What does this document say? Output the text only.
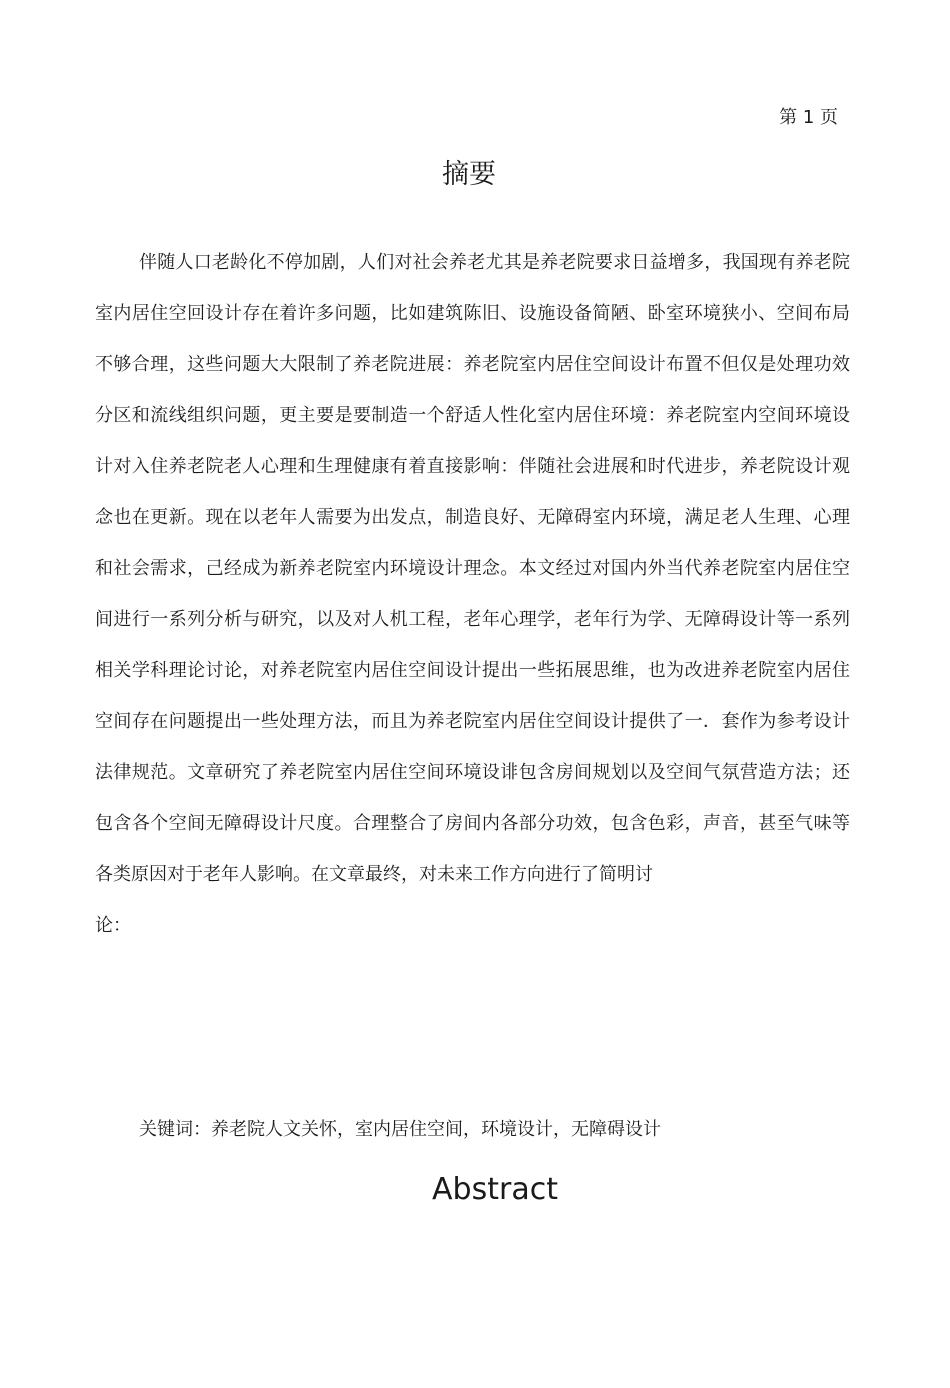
第 1 页
摘要
伴随人口老龄化不停加剧，人们对社会养老尤其是养老院要求日益增多，我国现有养老院
室内居住空回设计存在着许多问题，比如建筑陈旧、设施设备简陋、卧室环境狭小、空间布局
不够合理，这些问题大大限制了养老院进展：养老院室内居住空间设计布置不但仅是处理功效
分区和流线组织问题，更主要是要制造一个舒适人性化室内居住环境：养老院室内空间环境设
计对入住养老院老人心理和生理健康有着直接影响：伴随社会进展和时代进步，养老院设计观
念也在更新。现在以老年人需要为出发点，制造良好、无障碍室内环境，满足老人生理、心理
和社会需求，己经成为新养老院室内环境设计理念。本文经过对国内外当代养老院室内居住空
间进行一系列分析与研究，以及对人机工程，老年心理学，老年行为学、无障碍设计等一系列
相关学科理论讨论，对养老院室内居住空间设计提出一些拓展思维，也为改进养老院室内居住
空间存在问题提出一些处理方法，而且为养老院室内居住空间设计提供了一．套作为参考设计
法律规范。文章研究了养老院室内居住空间环境设诽包含房间规划以及空间气氛营造方法；还
包含各个空间无障碍设计尺度。合理整合了房间内各部分功效，包含色彩，声音，甚至气味等
各类原因对于老年人影响。在文章最终，对未来工作方向进行了简明讨
论：
关键词：养老院人文关怀，室内居住空间，环境设计，无障碍设计
Abstract
